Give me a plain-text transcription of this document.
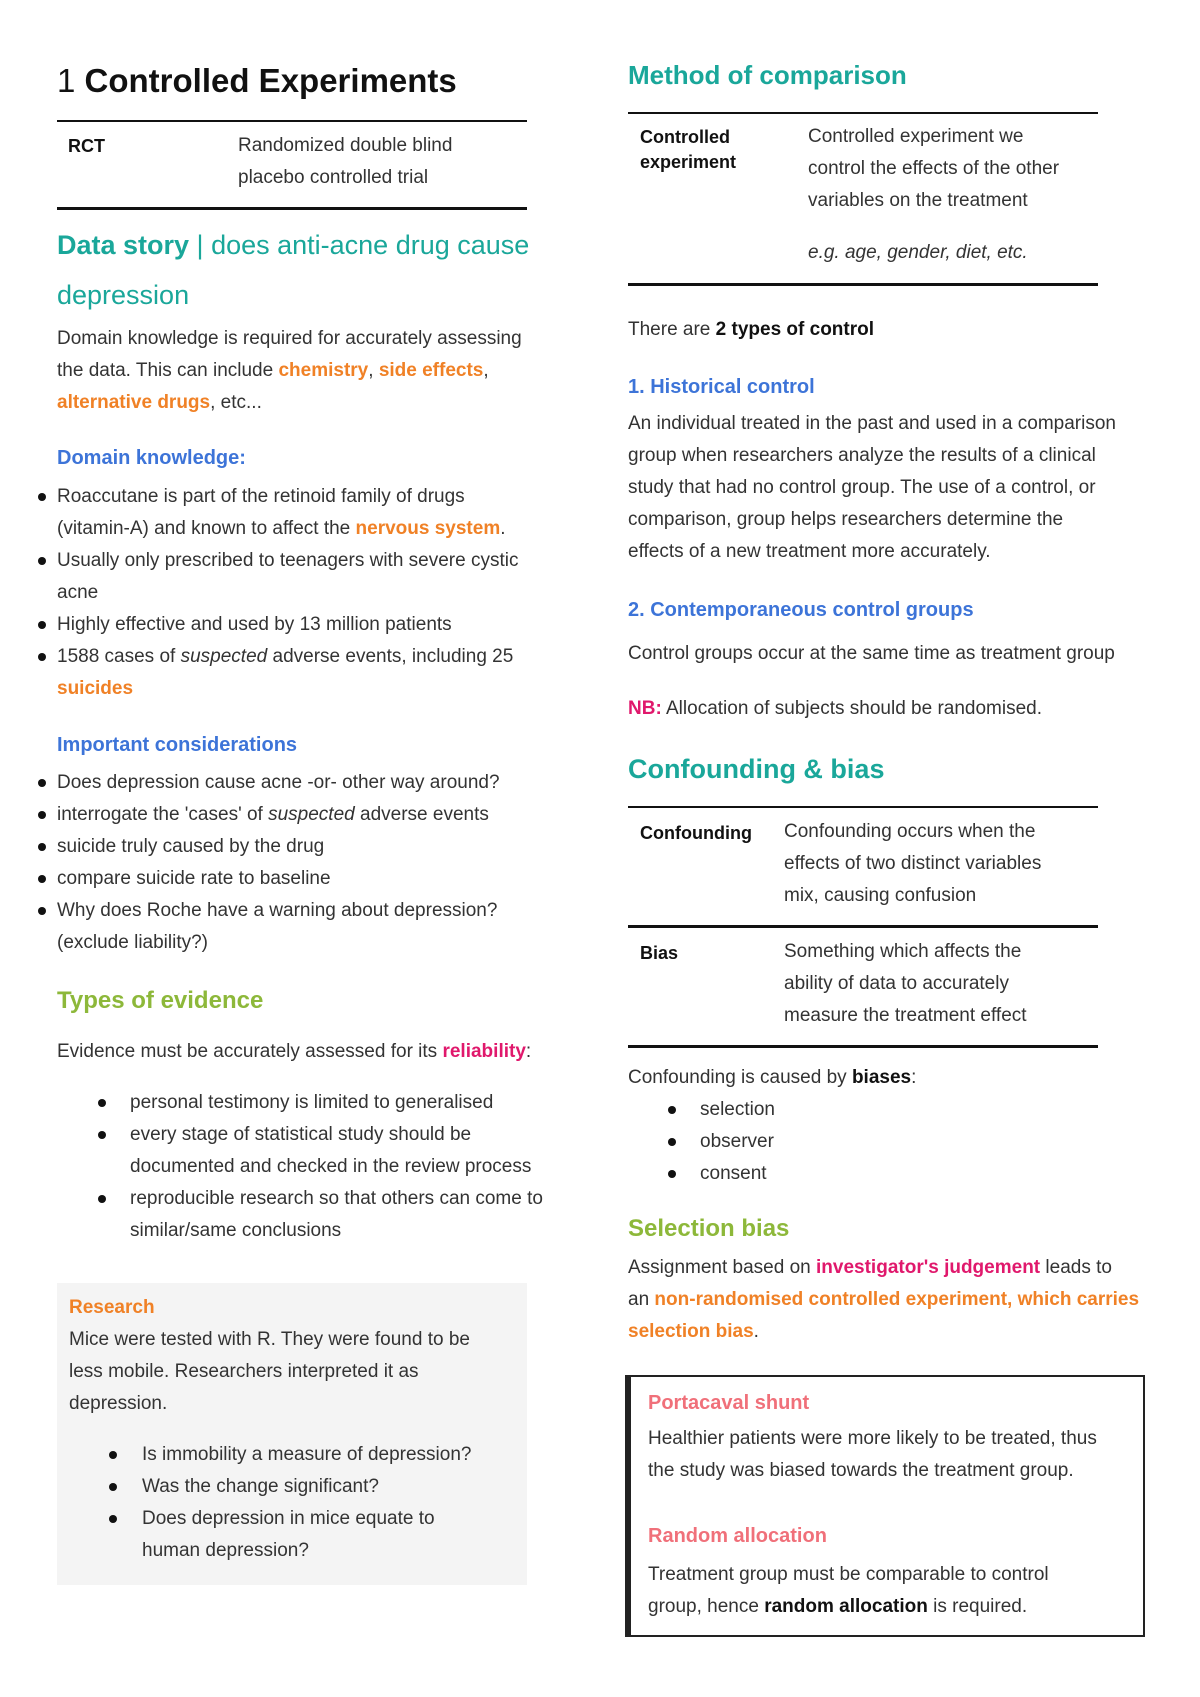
1 Controlled Experiments
RCT	Randomized double blind
placebo controlled trial
Data story | does anti-acne drug cause
depression
Domain knowledge is required for accurately assessing
the data. This can include chemistry, side effects,
alternative drugs, etc...
Domain knowledge:
Roaccutane is part of the retinoid family of drugs
(vitamin-A) and known to affect the nervous system.
Usually only prescribed to teenagers with severe cystic
acne
Highly effective and used by 13 million patients
1588 cases of suspected adverse events, including 25
suicides
Important considerations
Does depression cause acne -or- other way around?
interrogate the 'cases' of suspected adverse events
suicide truly caused by the drug
compare suicide rate to baseline
Why does Roche have a warning about depression?
(exclude liability?)
Types of evidence
Evidence must be accurately assessed for its reliability:
personal testimony is limited to generalised
every stage of statistical study should be
documented and checked in the review process
reproducible research so that others can come to
similar/same conclusions
Research
Mice were tested with R. They were found to be
less mobile. Researchers interpreted it as
depression.
Is immobility a measure of depression?
Was the change significant?
Does depression in mice equate to
human depression?
Method of comparison
Controlled
experiment
Controlled experiment we
control the effects of the other
variables on the treatment
e.g. age, gender, diet, etc.
There are 2 types of control
1. Historical control
An individual treated in the past and used in a comparison
group when researchers analyze the results of a clinical
study that had no control group. The use of a control, or
comparison, group helps researchers determine the
effects of a new treatment more accurately.
2. Contemporaneous control groups
Control groups occur at the same time as treatment group
NB: Allocation of subjects should be randomised.
Confounding & bias
Confounding Confounding occurs when the
effects of two distinct variables
mix, causing confusion
Bias	Something which affects the
ability of data to accurately
measure the treatment effect
Confounding is caused by biases:
selection
observer
consent
Selection bias
Assignment based on investigator's judgement leads to
an non-randomised controlled experiment, which carries
selection bias.
Portacaval shunt
Healthier patients were more likely to be treated, thus
the study was biased towards the treatment group.
Random allocation
Treatment group must be comparable to control
group, hence random allocation is required.
